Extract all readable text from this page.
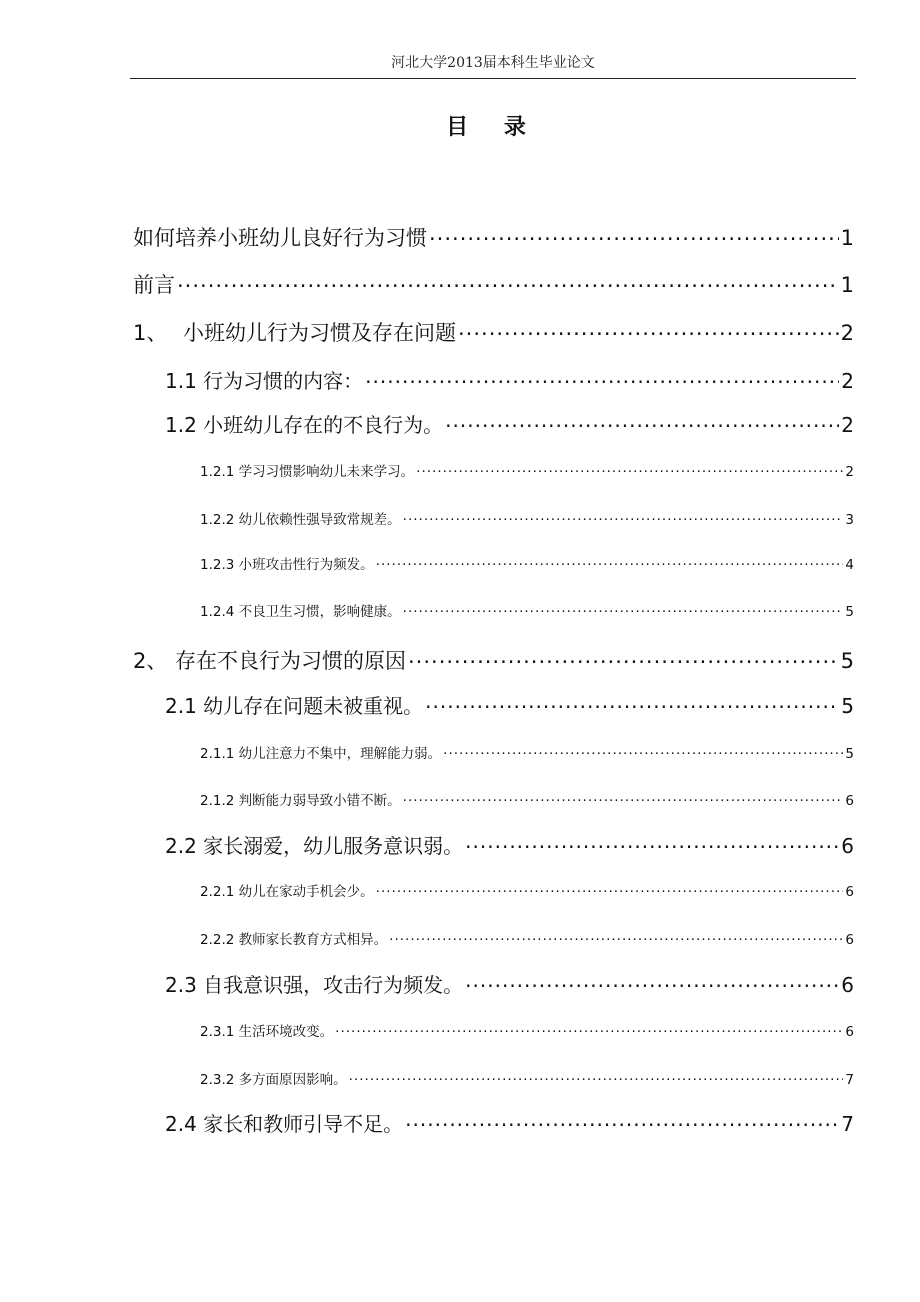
河北大学2013届本科生毕业论文
目 录
如何培养小班幼儿良好行为习惯 .....	1
前言 .....	1
1、 小班幼儿行为习惯及存在问题 .....	2
1.1 行为习惯的内容： .....	2
1.2 小班幼儿存在的不良行为。 .....	2
1.2.1 学习习惯影响幼儿未来学习。 .....	2
1.2.2 幼儿依赖性强导致常规差。 .....	3
1.2.3 小班攻击性行为频发。 .....	4
1.2.4 不良卫生习惯，影响健康。 .....	5
2、 存在不良行为习惯的原因 .....	5
2.1 幼儿存在问题未被重视。 .....	5
2.1.1 幼儿注意力不集中，理解能力弱。 .....	5
2.1.2 判断能力弱导致小错不断。 .....	6
2.2 家长溺爱，幼儿服务意识弱。 .....	6
2.2.1 幼儿在家动手机会少。 .....	6
2.2.2 教师家长教育方式相异。 .....	6
2.3 自我意识强，攻击行为频发。 .....	6
2.3.1 生活环境改变。 .....	6
2.3.2 多方面原因影响。 .....	7
2.4 家长和教师引导不足。 .....	7
